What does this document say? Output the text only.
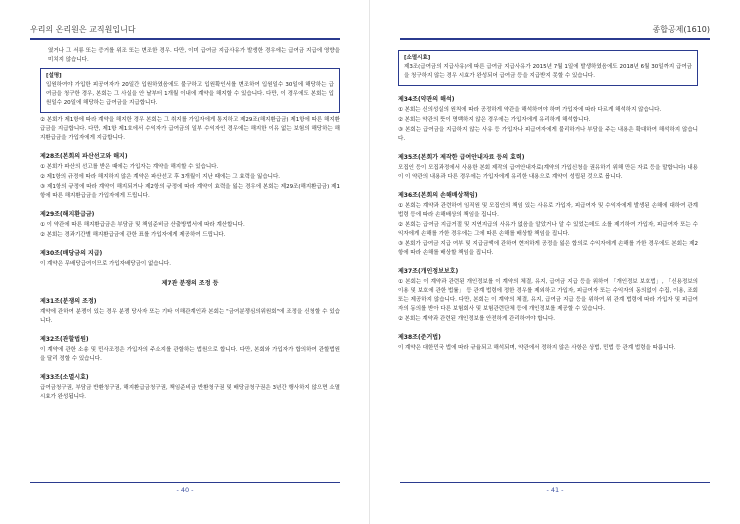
우리의 온리원은 교직원입니다
였거나 그 서류 또는 증거를 위조 또는 변조한 경우. 다만, 이미 급여금 지급사유가 발생한 경우에는 급여금 지급에 영향을 미치지 않습니다.
[설명]
입원하여야 가입한 피공여자가 20일간 입원하였음에도 불구하고 입원확인서를 변조하여 입원일수 30일에 해당하는 급여금을 청구한 경우, 본회는 그 사실을 안 날부터 1개월 이내에 계약을 해지할 수 있습니다. 다만, 이 경우에도 본회는 입원일수 20일에 해당하는 급여금을 지급합니다.
② 본회가 제1항에 따라 계약을 해지한 경우 본회는 그 취지를 가입자에게 통지하고 제29조(해지환급금) 제1항에 따른 해지환급금을 지급합니다. 다만, 제1항 제1호에서 수익자가 급여금의 일부 수익자인 경우에는 해지한 이유 없는 보험의 해당하는 해지환급금을 가입자에게 지급합니다.
제28조(본회의 파산선고와 해지)
① 본회가 파산의 선고를 받은 때에는 가입자는 계약을 해지할 수 있습니다.
② 제1항의 규정에 따라 해지하지 않은 계약은 파산선고 후 3개월이 지난 때에는 그 효력을 잃습니다.
③ 제1항의 규정에 따라 계약이 해지되거나 제2항의 규정에 따라 계약이 효력을 잃는 경우에 본회는 제29조(해지환급금) 제1항에 따른 해지환급금을 가입자에게 드립니다.
제29조(해지환급금)
① 이 약관에 따른 해지환급금은 부담금 및 책임준비금 산출방법서에 따라 계산합니다.
② 본회는 경과기간별 해지환급금에 관한 표를 가입자에게 제공하여 드립니다.
제30조(배당금의 지급)
이 계약은 무배당급여이므로 가입자배당금이 없습니다.
제7관 분쟁의 조정 등
제31조(분쟁의 조정)
계약에 관하여 분쟁이 있는 경우 분쟁 당사자 또는 기타 이해관계인과 본회는 "금여분쟁심의위원회"에 조정을 신청할 수 있습니다.
제32조(관할법원)
이 계약에 관한 소송 및 민사조정은 가입자의 주소지를 관할하는 법원으로 합니다. 다만, 본회와 가입자가 합의하여 관할법원을 달리 정할 수 있습니다.
제33조(소멸시효)
급여금청구권, 부담금 반환청구권, 해지환급금청구권, 책임준비금 반환청구권 및 배당금청구권은 3년간 행사하지 않으면 소멸시효가 완성됩니다.
- 40 -
종합공제(1610)
[소멸시효]
제3조(급여금의 지급사유)에 따른 급여금 지급사유가 2015년 7월 1일에 발생하였음에도 2018년 6월 30일까지 급여금을 청구하지 않는 경우 시효가 완성되어 급여금 등을 지급받지 못할 수 있습니다.
제34조(약관의 해석)
① 본회는 신의성실의 원칙에 따라 공정하게 약관을 해석하여야 하며 가입자에 따라 다르게 해석하지 않습니다.
② 본회는 약관의 뜻이 명백하지 않은 경우에는 가입자에게 유리하게 해석합니다.
③ 본회는 급여금을 지급하지 않는 사유 등 가입자나 피급여자에게 불리하거나 부담을 주는 내용은 확대하여 해석하지 않습니다.
제35조(본회가 제작한 급여안내자료 등의 효력)
모집인 등이 모집과정에서 사용한 본회 제작의 급여안내자료(계약의 가입신청을 권유하기 위해 만든 자료 등을 말합니다) 내용이 이 약관의 내용과 다른 경우에는 가입자에게 유리한 내용으로 계약이 성립된 것으로 봅니다.
제36조(본회의 손해배상책임)
① 본회는 계약과 관련하여 임직원 및 모집인의 책임 있는 사유로 가입자, 피급여자 및 수익자에게 발생된 손해에 대하여 관계 법령 등에 따라 손해배상의 책임을 집니다.
② 본회는 급여금 지급거절 및 지연지급의 사유가 없음을 알았거나 알 수 있었는데도 소를 제기하여 가입자, 피급여자 또는 수익자에게 손해를 가한 경우에는 그에 따른 손해를 배상할 책임을 집니다.
③ 본회가 급여금 지급 여부 및 지급금액에 관하여 현저하게 공정을 잃은 합의로 수익자에게 손해를 가한 경우에도 본회는 제2항에 따라 손해를 배상할 책임을 집니다.
제37조(개인정보보호)
① 본회는 이 계약과 관련된 개인정보를 이 계약의 체결, 유지, 급여금 지급 등을 위하여 「개인정보 보호법」, 「신용정보의 이용 및 보호에 관한 법률」 등 관계 법령에 정한 경우를 제외하고 가입자, 피급여자 또는 수익자의 동의없이 수집, 이용, 조회 또는 제공하지 않습니다. 다만, 본회는 이 계약의 체결, 유지, 급여금 지급 등을 위하여 위 관계 법령에 따라 가입자 및 피급여자의 동의를 받아 다른 보험회사 및 보험관련단체 등에 개인정보를 제공할 수 있습니다.
② 본회는 계약과 관련된 개인정보를 안전하게 관리하여야 합니다.
제38조(준거법)
이 계약은 대한민국 법에 따라 규율되고 해석되며, 약관에서 정하지 않은 사항은 상법, 민법 등 관계 법령을 따릅니다.
- 41 -
